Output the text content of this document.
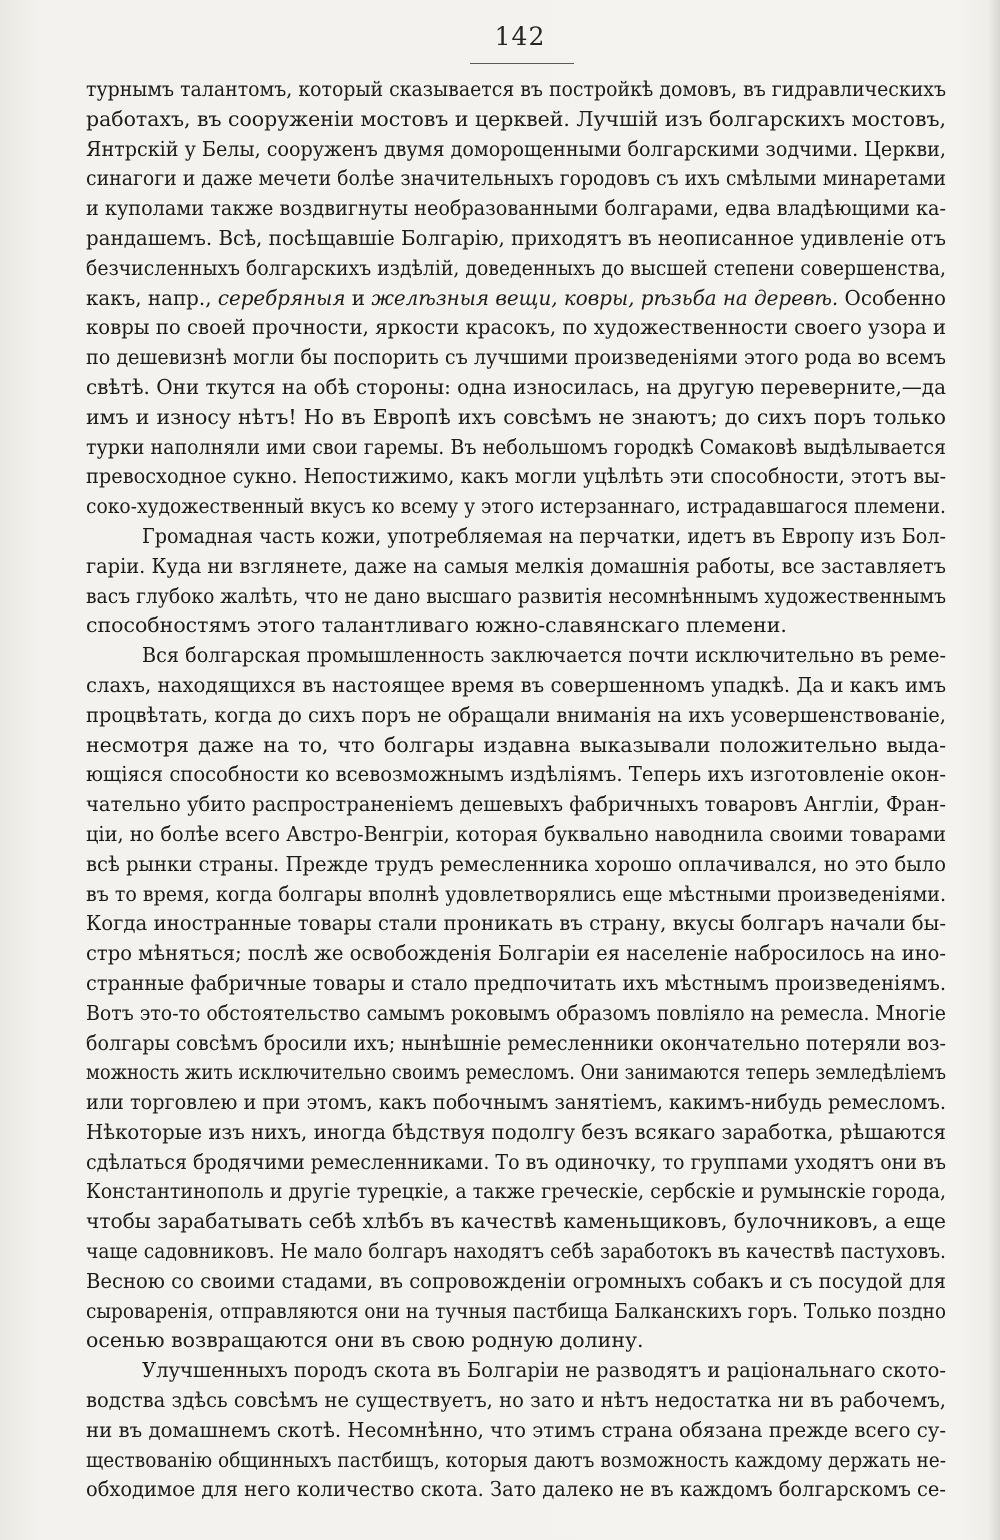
142
турнымъ талантомъ, который сказывается въ постройкѣ домовъ, въ гидравлическихъ
работахъ, въ сооруженіи мостовъ и церквей. Лучшій изъ болгарскихъ мостовъ,
Янтрскій у Белы, сооруженъ двумя доморощенными болгарскими зодчими. Церкви,
синагоги и даже мечети болѣе значительныхъ городовъ съ ихъ смѣлыми минаретами
и куполами также воздвигнуты необразованными болгарами, едва владѣющими ка-
рандашемъ. Всѣ, посѣщавшіе Болгарію, приходятъ въ неописанное удивленіе отъ
безчисленныхъ болгарскихъ издѣлій, доведенныхъ до высшей степени совершенства,
какъ, напр., серебряныя и желѣзныя вещи, ковры, рѣзьба на деревѣ. Особенно
ковры по своей прочности, яркости красокъ, по художественности своего узора и
по дешевизнѣ могли бы поспорить съ лучшими произведеніями этого рода во всемъ
свѣтѣ. Они ткутся на обѣ стороны: одна износилась, на другую переверните,—да
имъ и износу нѣтъ! Но въ Европѣ ихъ совсѣмъ не знаютъ; до сихъ поръ только
турки наполняли ими свои гаремы. Въ небольшомъ городкѣ Сомаковѣ выдѣлывается
превосходное сукно. Непостижимо, какъ могли уцѣлѣть эти способности, этотъ вы-
соко-художественный вкусъ ко всему у этого истерзаннаго, истрадавшагося племени.
Громадная часть кожи, употребляемая на перчатки, идетъ въ Европу изъ Бол-
гаріи. Куда ни взглянете, даже на самыя мелкія домашнія работы, все заставляетъ
васъ глубоко жалѣть, что не дано высшаго развитія несомнѣннымъ художественнымъ
способностямъ этого талантливаго южно-славянскаго племени.
Вся болгарская промышленность заключается почти исключительно въ реме-
слахъ, находящихся въ настоящее время въ совершенномъ упадкѣ. Да и какъ имъ
процвѣтать, когда до сихъ поръ не обращали вниманія на ихъ усовершенствованіе,
несмотря даже на то, что болгары издавна выказывали положительно выда-
ющіяся способности ко всевозможнымъ издѣліямъ. Теперь ихъ изготовленіе окон-
чательно убито распространеніемъ дешевыхъ фабричныхъ товаровъ Англіи, Фран-
ціи, но болѣе всего Австро-Венгріи, которая буквально наводнила своими товарами
всѣ рынки страны. Прежде трудъ ремесленника хорошо оплачивался, но это было
въ то время, когда болгары вполнѣ удовлетворялись еще мѣстными произведеніями.
Когда иностранные товары стали проникать въ страну, вкусы болгаръ начали бы-
стро мѣняться; послѣ же освобожденія Болгаріи ея населеніе набросилось на ино-
странные фабричные товары и стало предпочитать ихъ мѣстнымъ произведеніямъ.
Вотъ это-то обстоятельство самымъ роковымъ образомъ повліяло на ремесла. Многіе
болгары совсѣмъ бросили ихъ; нынѣшніе ремесленники окончательно потеряли воз-
можность жить исключительно своимъ ремесломъ. Они занимаются теперь земледѣліемъ
или торговлею и при этомъ, какъ побочнымъ занятіемъ, какимъ-нибудь ремесломъ.
Нѣкоторые изъ нихъ, иногда бѣдствуя подолгу безъ всякаго заработка, рѣшаются
сдѣлаться бродячими ремесленниками. То въ одиночку, то группами уходятъ они въ
Константинополь и другіе турецкіе, а также греческіе, сербскіе и румынскіе города,
чтобы зарабатывать себѣ хлѣбъ въ качествѣ каменьщиковъ, булочниковъ, а еще
чаще садовниковъ. Не мало болгаръ находятъ себѣ заработокъ въ качествѣ пастуховъ.
Весною со своими стадами, въ сопровожденіи огромныхъ собакъ и съ посудой для
сыроваренія, отправляются они на тучныя пастбища Балканскихъ горъ. Только поздно
осенью возвращаются они въ свою родную долину.
Улучшенныхъ породъ скота въ Болгаріи не разводятъ и раціональнаго ското-
водства здѣсь совсѣмъ не существуетъ, но зато и нѣтъ недостатка ни въ рабочемъ,
ни въ домашнемъ скотѣ. Несомнѣнно, что этимъ страна обязана прежде всего су-
ществованію общинныхъ пастбищъ, которыя даютъ возможность каждому держать не-
обходимое для него количество скота. Зато далеко не въ каждомъ болгарскомъ се-
